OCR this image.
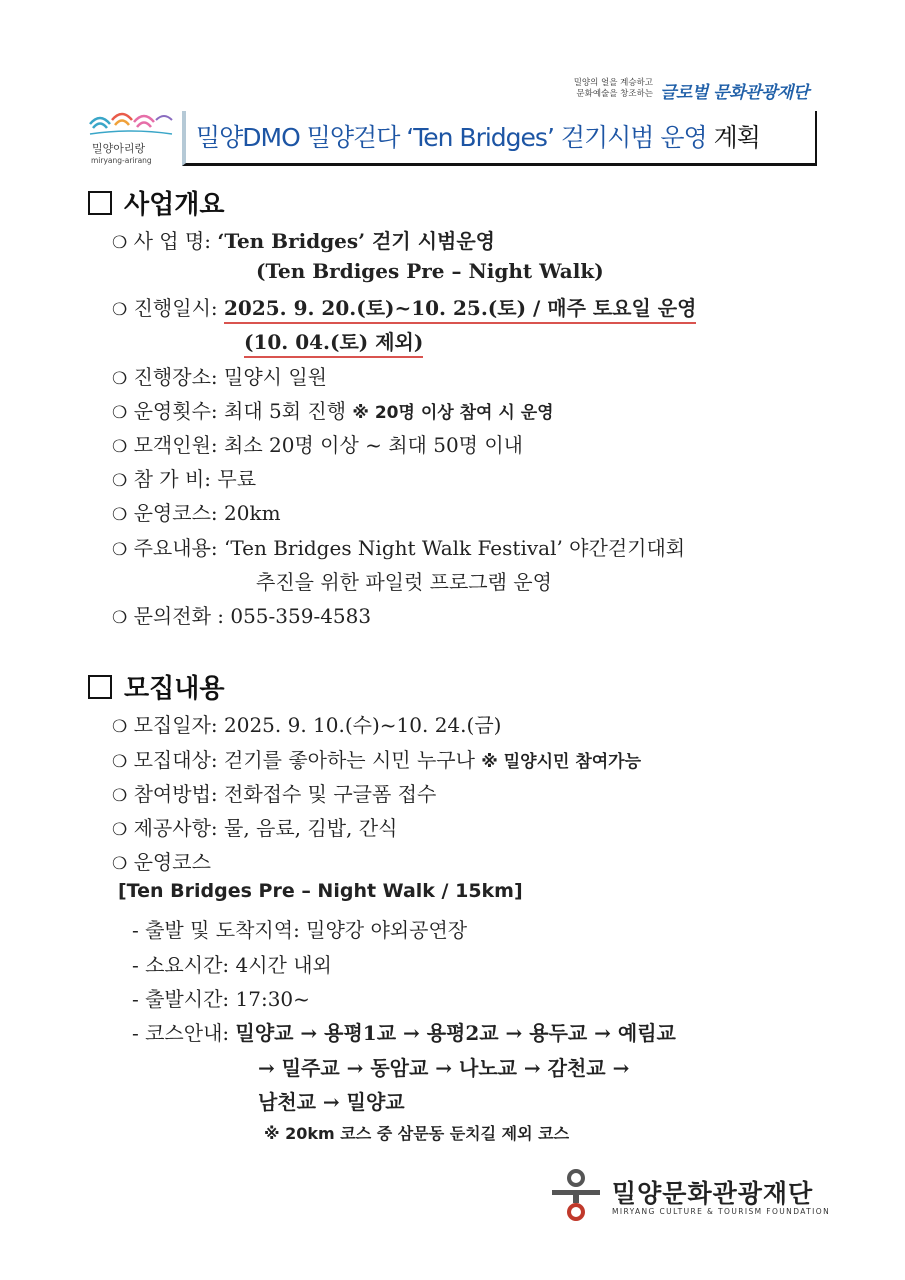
밀양의 얼을 계승하고
문화예술을 창조하는 글로벌 문화관광재단
밀양아리랑
miryang-arirang
밀양DMO 밀양걷다 ‘Ten Bridges’ 걷기시범 운영 계획
사업개요
❍ 사 업 명: ‘Ten Bridges’ 걷기 시범운영
(Ten Brdiges Pre – Night Walk)
❍ 진행일시: 2025. 9. 20.(토)~10. 25.(토) / 매주 토요일 운영
(10. 04.(토) 제외)
❍ 진행장소: 밀양시 일원
❍ 운영횟수: 최대 5회 진행 ※ 20명 이상 참여 시 운영
❍ 모객인원: 최소 20명 이상 ~ 최대 50명 이내
❍ 참 가 비: 무료
❍ 운영코스: 20km
❍ 주요내용: ‘Ten Bridges Night Walk Festival’ 야간걷기대회
추진을 위한 파일럿 프로그램 운영
❍ 문의전화 : 055-359-4583
모집내용
❍ 모집일자: 2025. 9. 10.(수)~10. 24.(금)
❍ 모집대상: 걷기를 좋아하는 시민 누구나 ※ 밀양시민 참여가능
❍ 참여방법: 전화접수 및 구글폼 접수
❍ 제공사항: 물, 음료, 김밥, 간식
❍ 운영코스
[Ten Bridges Pre – Night Walk / 15km]
- 출발 및 도착지역: 밀양강 야외공연장
- 소요시간: 4시간 내외
- 출발시간: 17:30~
- 코스안내: 밀양교 → 용평1교 → 용평2교 → 용두교 → 예림교
→ 밀주교 → 동암교 → 나노교 → 감천교 →
남천교 → 밀양교
※ 20km 코스 중 삼문동 둔치길 제외 코스
밀양문화관광재단
MIRYANG CULTURE & TOURISM FOUNDATION
